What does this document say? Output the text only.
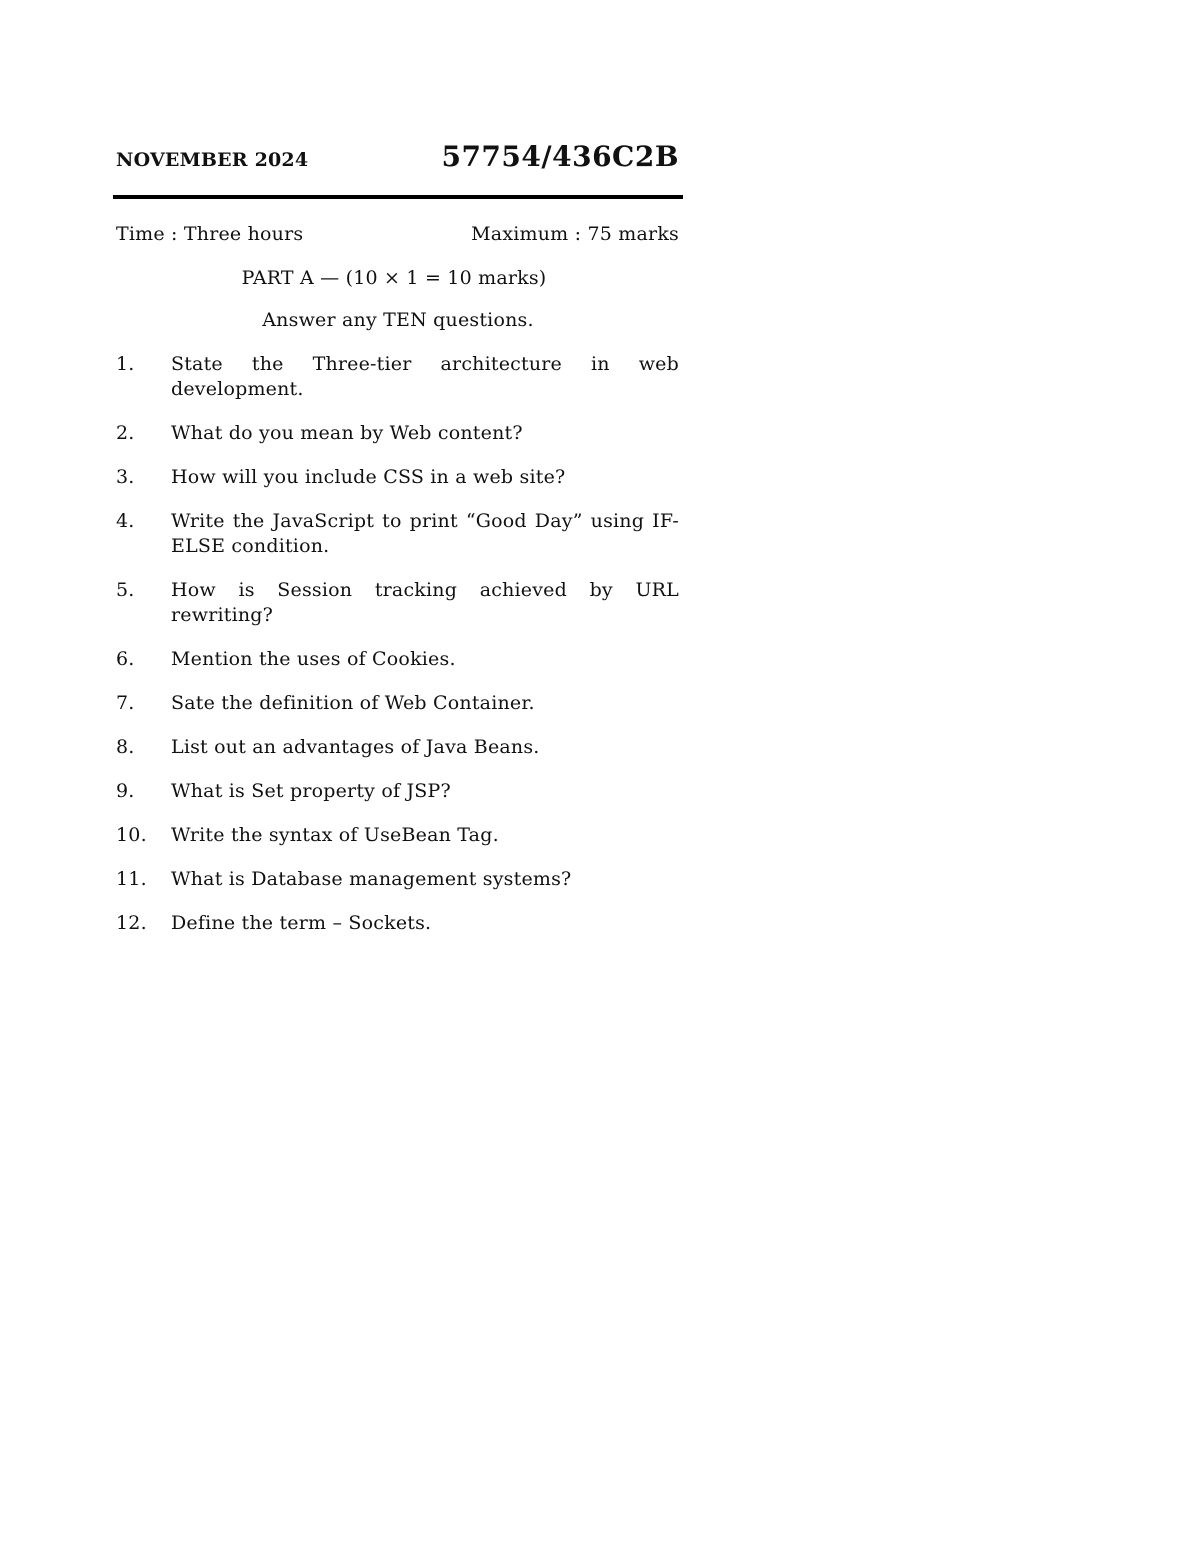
NOVEMBER 2024	57754/436C2B
Time : Three hours	Maximum : 75 marks
PART A — (10 × 1 = 10 marks)
Answer any TEN questions.
1.	State the Three-tier architecture in web development.
2.	What do you mean by Web content?
3.	How will you include CSS in a web site?
4.	Write the JavaScript to print “Good Day” using IF-ELSE condition.
5.	How is Session tracking achieved by URL rewriting?
6.	Mention the uses of Cookies.
7.	Sate the definition of Web Container.
8.	List out an advantages of Java Beans.
9.	What is Set property of JSP?
10.	Write the syntax of UseBean Tag.
11.	What is Database management systems?
12.	Define the term – Sockets.
